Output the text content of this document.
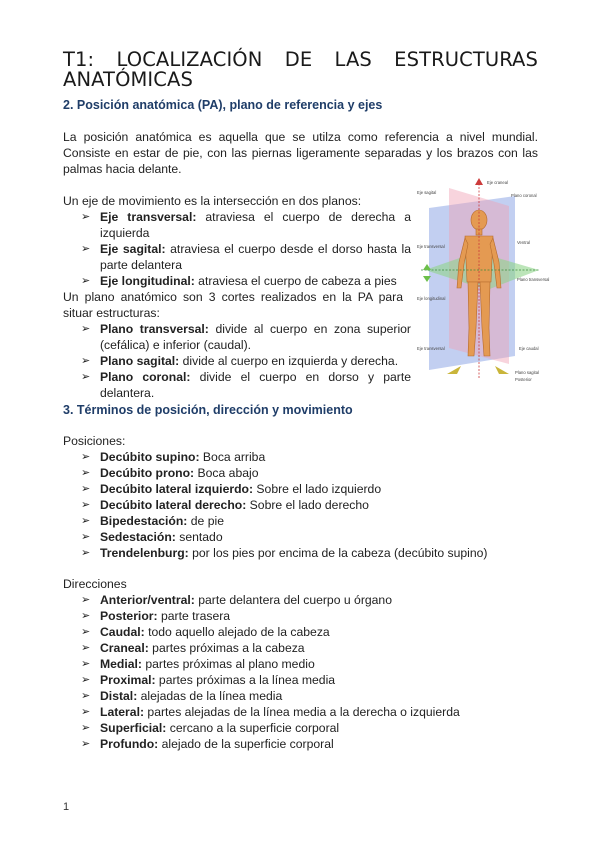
T1: LOCALIZACIÓN DE LAS ESTRUCTURAS
ANATÓMICAS
2. Posición anatómica (PA), plano de referencia y ejes

La posición anatómica es aquella que se utilza como referencia a nivel mundial. Consiste en estar de pie, con las piernas ligeramente separadas y los brazos con las palmas hacia delante.

Un eje de movimiento es la intersección en dos planos:

➢ Eje transversal: atraviesa el cuerpo de derecha a izquierda
➢ Eje sagital: atraviesa el cuerpo desde el dorso hasta la parte delantera
➢ Eje longitudinal: atraviesa el cuerpo de cabeza a pies

Un plano anatómico son 3 cortes realizados en la PA para situar estructuras:

➢ Plano transversal: divide al cuerpo en zona superior (cefálica) e inferior (caudal).
➢ Plano sagital: divide al cuerpo en izquierda y derecha.
➢ Plano coronal: divide el cuerpo en dorso y parte delantera.
Eje craneal
Plano coronal
Eje sagital
Eje transversal
Plano transversal
Eje longitudinal
Eje transversal
Ventral
Eje caudal
Plano sagital
Posterior
3. Términos de posición, dirección y movimiento

Posiciones:

➢ Decúbito supino: Boca arriba
➢ Decúbito prono: Boca abajo
➢ Decúbito lateral izquierdo: Sobre el lado izquierdo
➢ Decúbito lateral derecho: Sobre el lado derecho
➢ Bipedestación: de pie
➢ Sedestación: sentado
➢ Trendelenburg: por los pies por encima de la cabeza (decúbito supino)

Direcciones

➢ Anterior/ventral: parte delantera del cuerpo u órgano
➢ Posterior: parte trasera
➢ Caudal: todo aquello alejado de la cabeza
➢ Craneal: partes próximas a la cabeza
➢ Medial: partes próximas al plano medio
➢ Proximal: partes próximas a la línea media
➢ Distal: alejadas de la línea media
➢ Lateral: partes alejadas de la línea media a la derecha o izquierda
➢ Superficial: cercano a la superficie corporal
➢ Profundo: alejado de la superficie corporal
1
